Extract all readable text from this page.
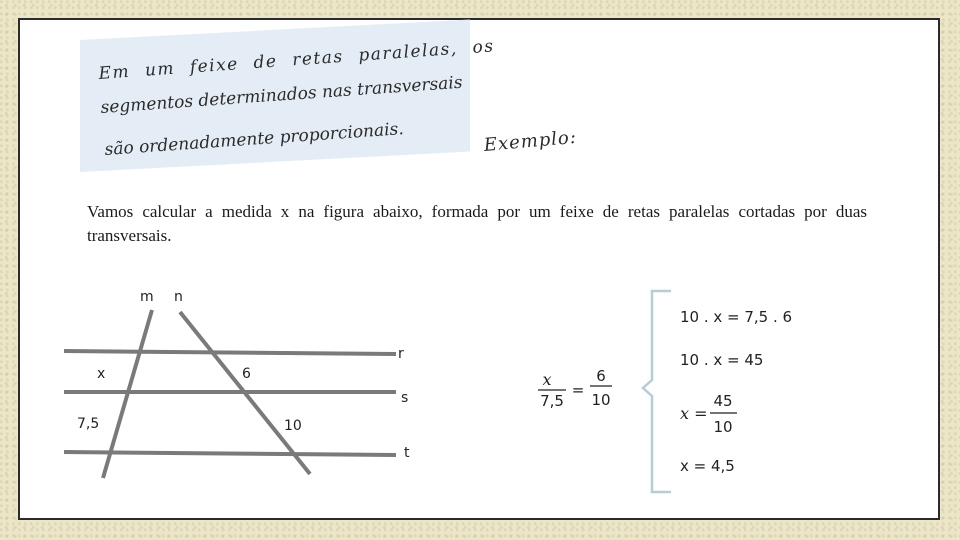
Em um feixe de retas paralelas, os
segmentos determinados nas transversais
são ordenadamente proporcionais.	Exemplo:
Vamos calcular a medida x na figura abaixo, formada por um feixe de retas paralelas cortadas por duas transversais.
m n
r
s
t
x
7,5
6
10
x
7,5
=
6
10
10 . x = 7,5 . 6
10 . x = 45
x =
45
10
x = 4,5
